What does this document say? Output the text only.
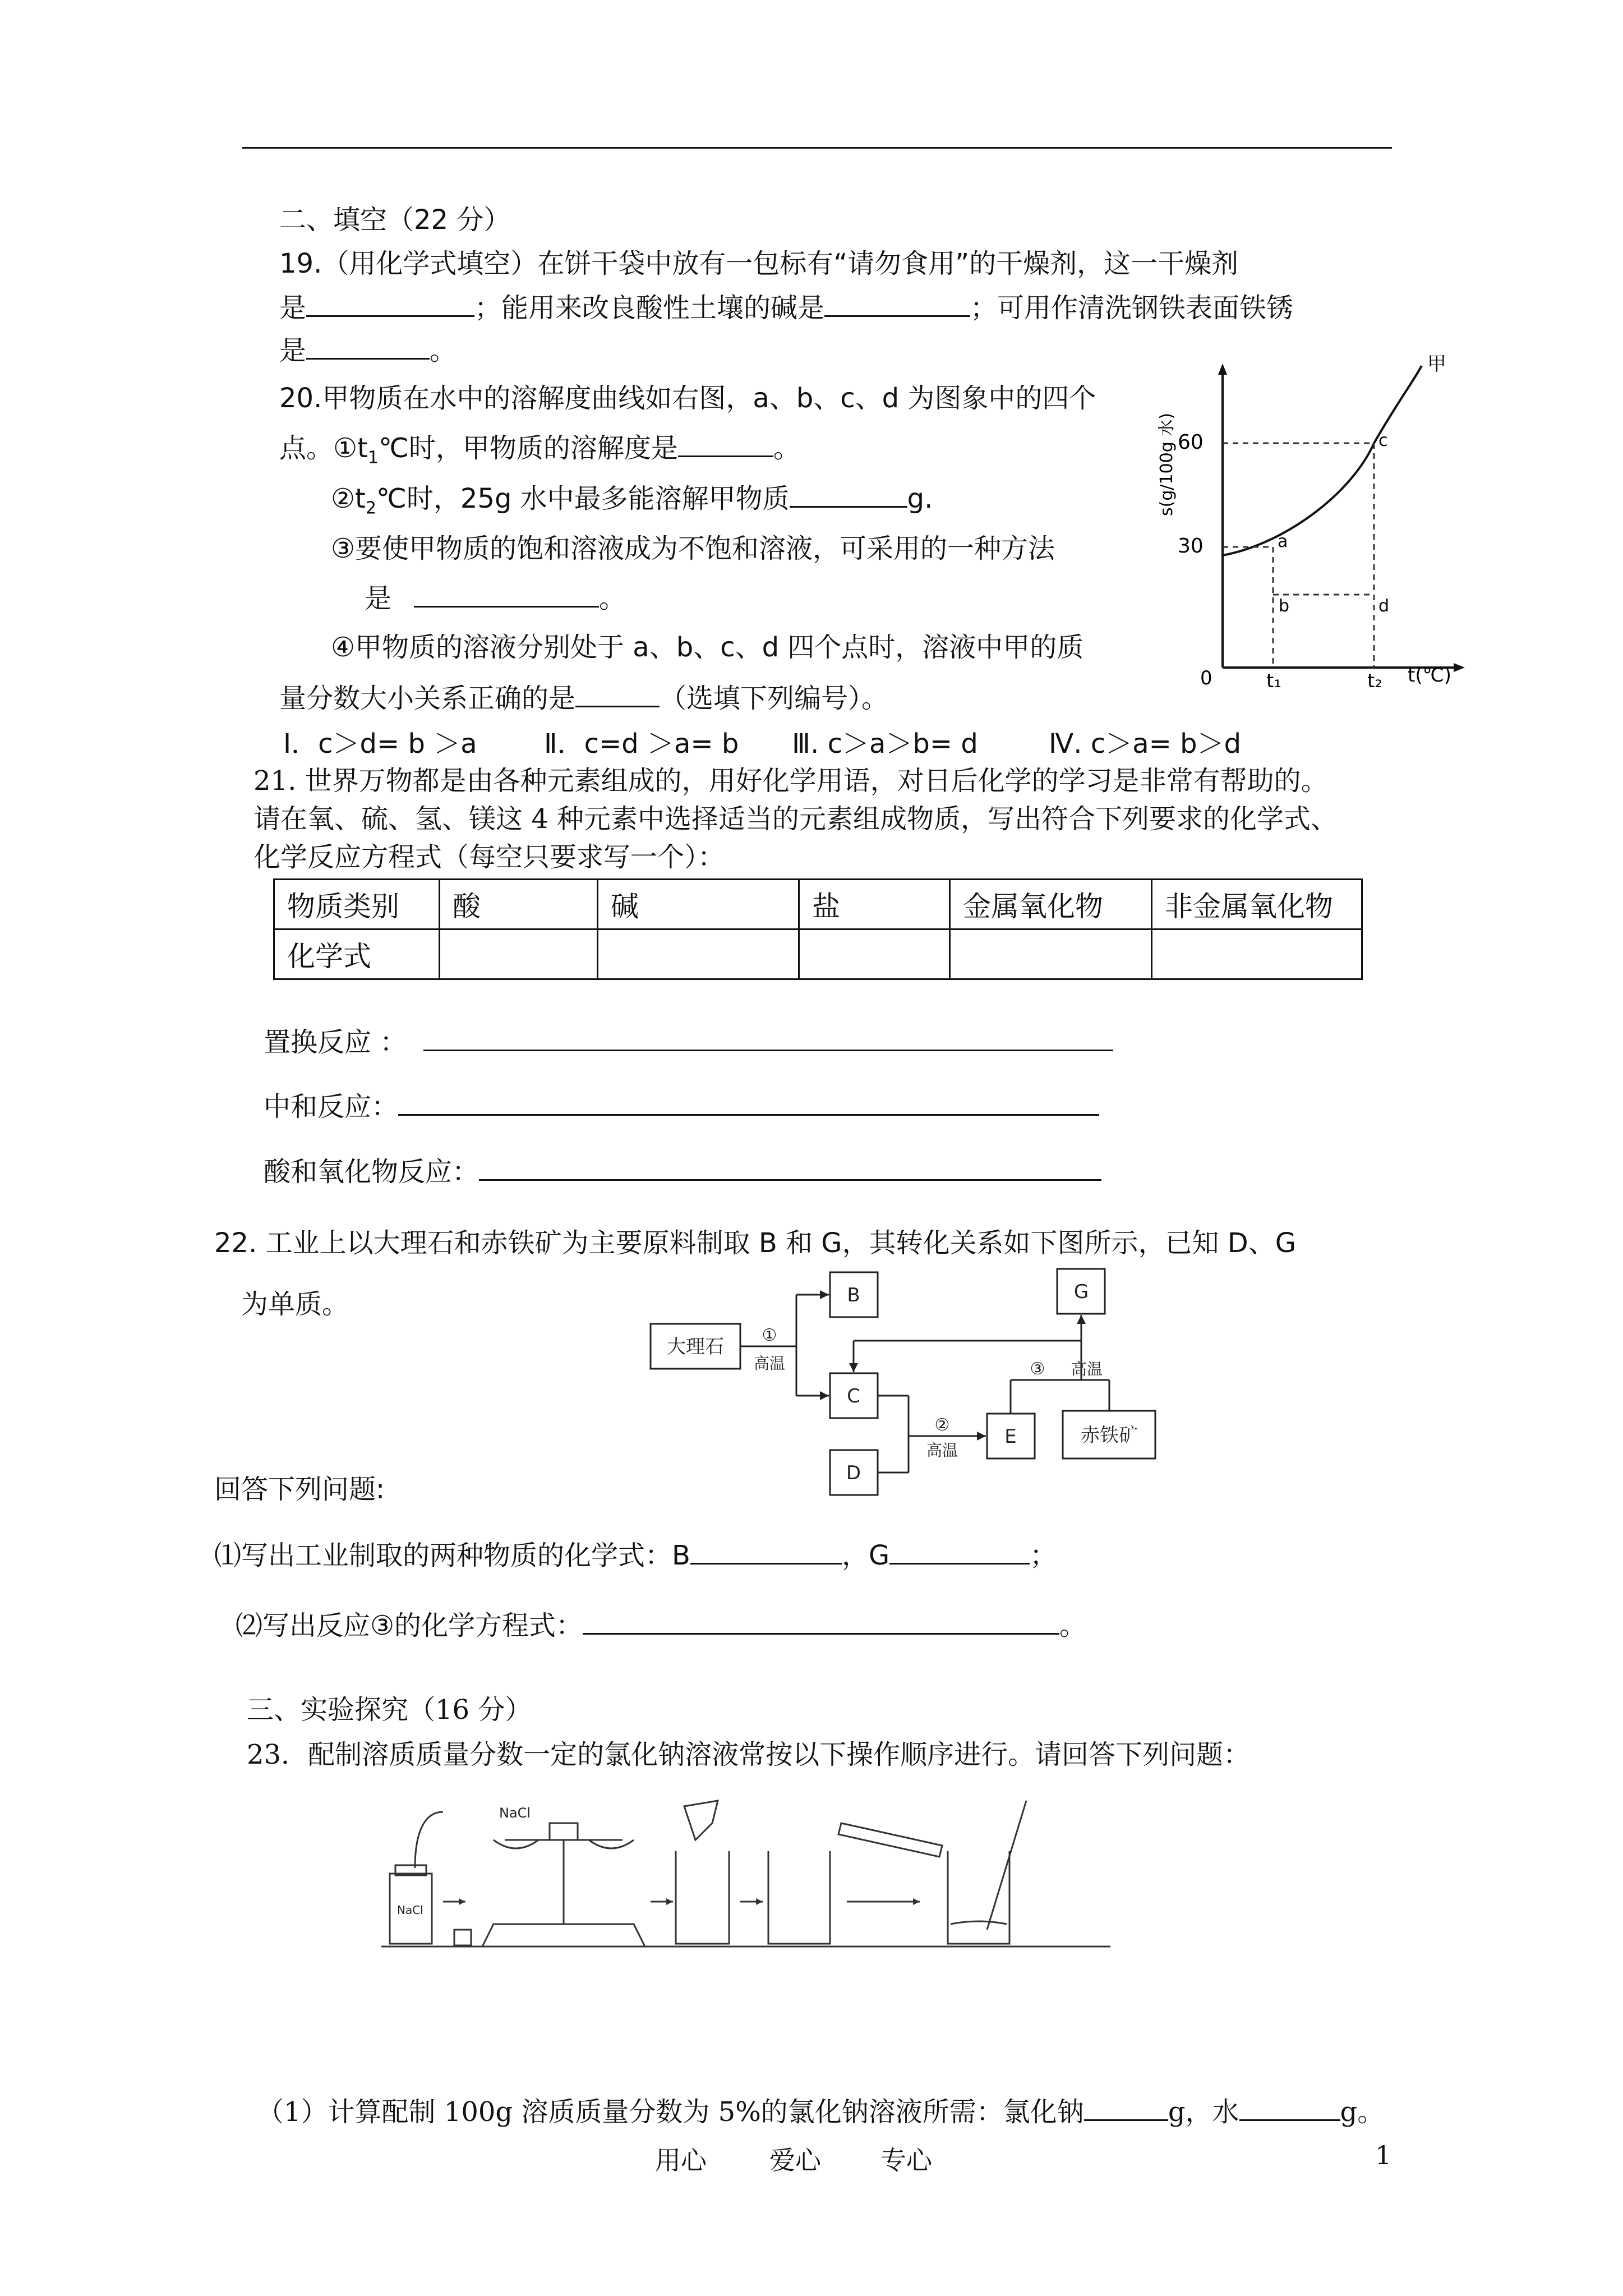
二、填空（22 分）
19.（用化学式填空）在饼干袋中放有一包标有“请勿食用”的干燥剂，这一干燥剂
是	；能用来改良酸性土壤的碱是	；可用作清洗钢铁表面铁锈
是	。
20.甲物质在水中的溶解度曲线如右图，a、b、c、d 为图象中的四个
点。$①t_1℃$时，甲物质的溶解度是	。
$②t_2℃$时，25g 水中最多能溶解甲物质	g.
③要使甲物质的饱和溶液成为不饱和溶液，可采用的一种方法
是	。
④甲物质的溶液分别处于 a、b、c、d 四个点时，溶液中甲的质
量分数大小关系正确的是	（选填下列编号）。
Ⅰ．c＞d= b ＞a Ⅱ．c=d ＞a= b Ⅲ. c＞a＞b= d	Ⅳ. c＞a= b＞d
甲
60
30
0	t₁	t₂ t(℃)
s(g/100g 水)
a
b
c
d
21. 世界万物都是由各种元素组成的，用好化学用语，对日后化学的学习是非常有帮助的。
请在氧、硫、氢、镁这 4 种元素中选择适当的元素组成物质，写出符合下列要求的化学式、
化学反应方程式（每空只要求写一个）：
物质类别	酸	碱	盐	金属氧化物	非金属氧化物
化学式					
置换反应 ：
中和反应：
酸和氧化物反应：
22. 工业上以大理石和赤铁矿为主要原料制取 B 和 G，其转化关系如下图所示，已知 D、G
为单质。
大理石
B
C
D
E
G
赤铁矿
①
高温
②
高温
③ 高温
回答下列问题:
⑴写出工业制取的两种物质的化学式：B	，G	；
⑵写出反应③的化学方程式：	。
三、实验探究（16 分）
23．配制溶质质量分数一定的氯化钠溶液常按以下操作顺序进行。请回答下列问题：
NaCl
NaCl
（1）计算配制 100g 溶质质量分数为 5%的氯化钠溶液所需：氯化钠	g，水	g。
用心 爱心 专心	1
